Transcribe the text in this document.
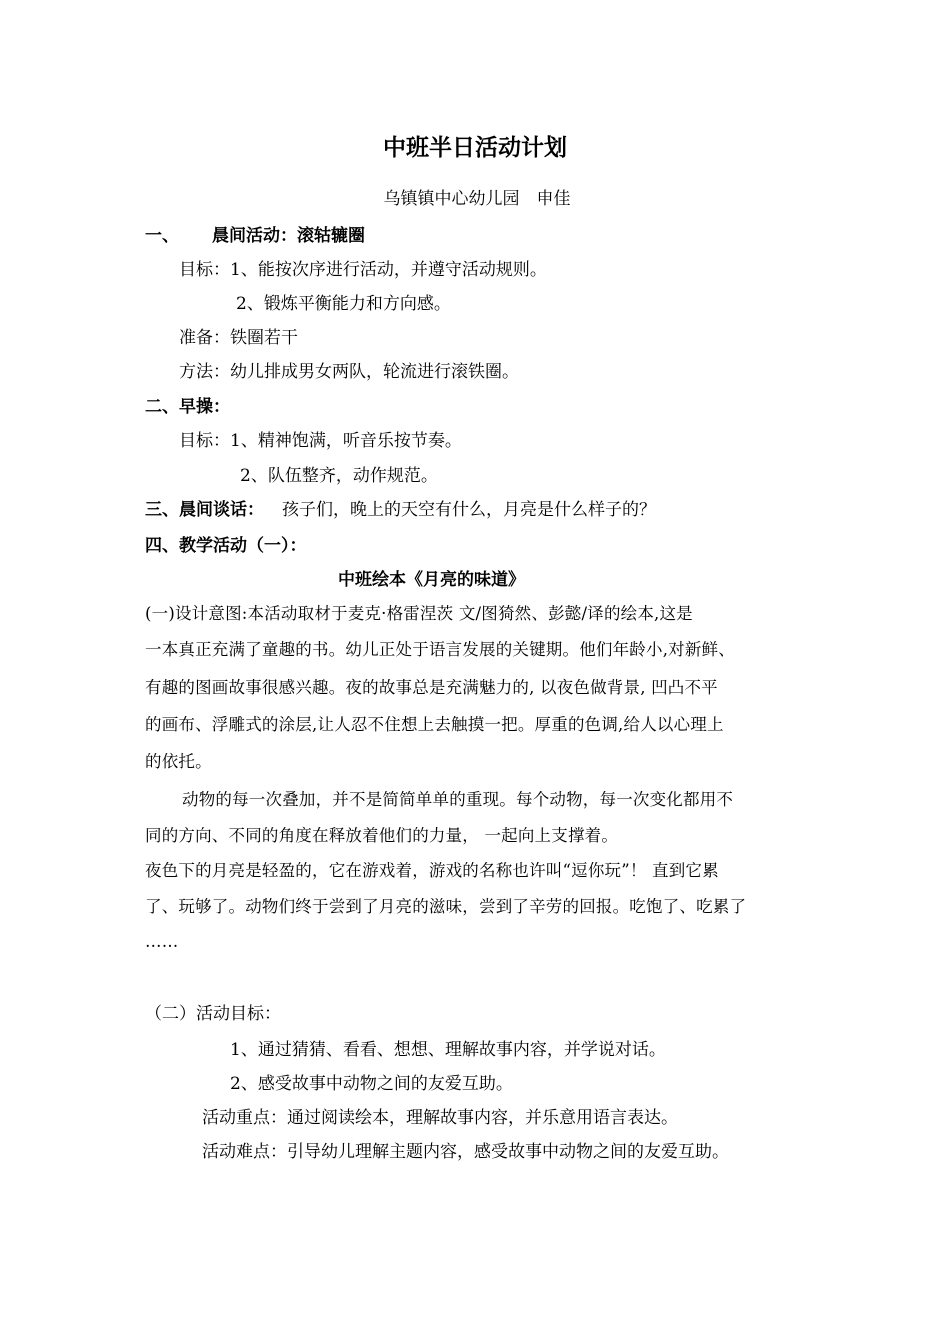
中班半日活动计划
乌镇镇中心幼儿园　申佳
一、 晨间活动：滚轱辘圈
目标：1、能按次序进行活动，并遵守活动规则。
2、锻炼平衡能力和方向感。
准备：铁圈若干
方法：幼儿排成男女两队，轮流进行滚铁圈。
二、早操：
目标：1、精神饱满，听音乐按节奏。
2、队伍整齐，动作规范。
三、晨间谈话： 孩子们，晚上的天空有什么，月亮是什么样子的？
四、教学活动（一）：
中班绘本《月亮的味道》
(一)设计意图:本活动取材于麦克·格雷涅茨 文/图猗然、彭懿/译的绘本,这是
一本真正充满了童趣的书。幼儿正处于语言发展的关键期。他们年龄小,对新鲜、
有趣的图画故事很感兴趣。夜的故事总是充满魅力的, 以夜色做背景, 凹凸不平
的画布、浮雕式的涂层,让人忍不住想上去触摸一把。厚重的色调,给人以心理上
的依托。
动物的每一次叠加，并不是简简单单的重现。每个动物，每一次变化都用不
同的方向、不同的角度在释放着他们的力量， 一起向上支撑着。
夜色下的月亮是轻盈的，它在游戏着，游戏的名称也许叫“逗你玩”！ 直到它累
了、玩够了。动物们终于尝到了月亮的滋味，尝到了辛劳的回报。吃饱了、吃累了
……
（二）活动目标：
1、通过猜猜、看看、想想、理解故事内容，并学说对话。
2、感受故事中动物之间的友爱互助。
活动重点：通过阅读绘本，理解故事内容，并乐意用语言表达。
活动难点：引导幼儿理解主题内容，感受故事中动物之间的友爱互助。
